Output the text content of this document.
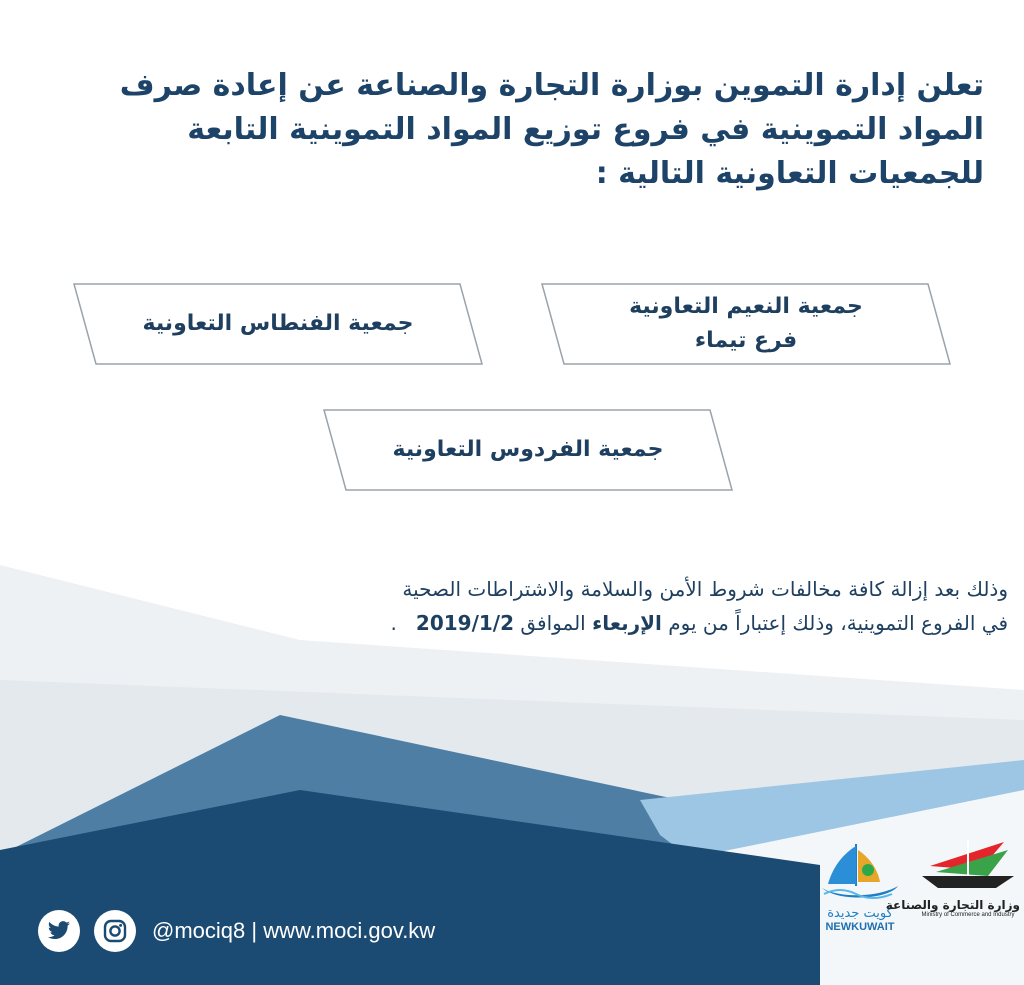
تعلن إدارة التموين بوزارة التجارة والصناعة عن إعادة صرف
المواد التموينية في فروع توزيع المواد التموينية التابعة
للجمعيات التعاونية التالية :
جمعية النعيم التعاونية
فرع تيماء
جمعية الفنطاس التعاونية
جمعية الفردوس التعاونية
وذلك بعد إزالة كافة مخالفات شروط الأمن والسلامة والاشتراطات الصحية
في الفروع التموينية، وذلك إعتباراً من يوم الإربعاء الموافق 2019/1/2   .
@mociq8 | www.moci.gov.kw
كويت جديدة
NEWKUWAIT
وزارة التجارة والصناعة
Ministry of Commerce and Industry
